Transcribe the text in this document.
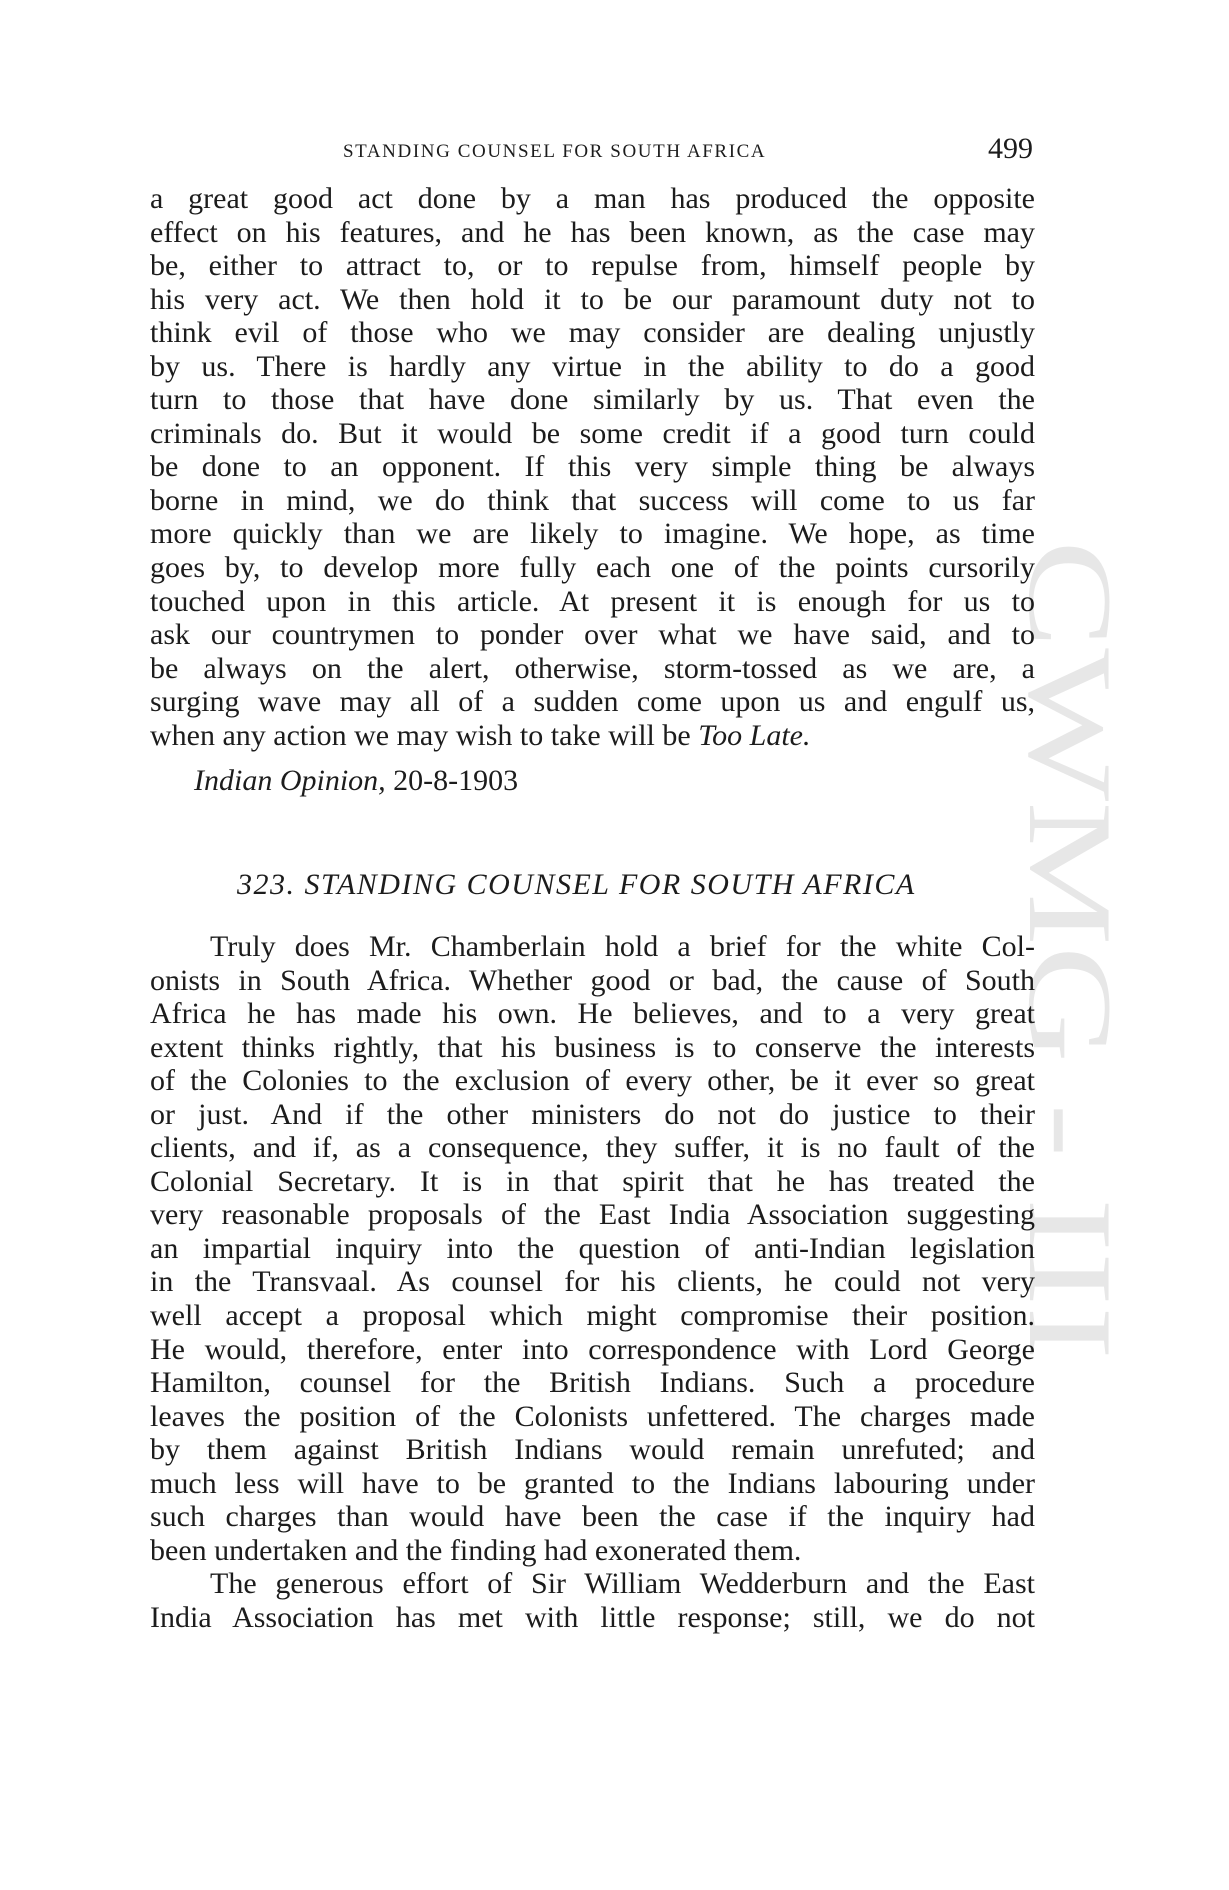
CWMG - III
STANDING COUNSEL FOR SOUTH AFRICA	499
a great good act done by a man has produced the opposite
effect on his features, and he has been known, as the case may
be, either to attract to, or to repulse from, himself people by
his very act. We then hold it to be our paramount duty not to
think evil of those who we may consider are dealing unjustly
by us. There is hardly any virtue in the ability to do a good
turn to those that have done similarly by us. That even the
criminals do. But it would be some credit if a good turn could
be done to an opponent. If this very simple thing be always
borne in mind, we do think that success will come to us far
more quickly than we are likely to imagine. We hope, as time
goes by, to develop more fully each one of the points cursorily
touched upon in this article. At present it is enough for us to
ask our countrymen to ponder over what we have said, and to
be always on the alert, otherwise, storm-tossed as we are, a
surging wave may all of a sudden come upon us and engulf us,
when any action we may wish to take will be Too Late.
Indian Opinion, 20-8-1903
323. STANDING COUNSEL FOR SOUTH AFRICA
Truly does Mr. Chamberlain hold a brief for the white Col-
onists in South Africa. Whether good or bad, the cause of South
Africa he has made his own. He believes, and to a very great
extent thinks rightly, that his business is to conserve the interests
of the Colonies to the exclusion of every other, be it ever so great
or just. And if the other ministers do not do justice to their
clients, and if, as a consequence, they suffer, it is no fault of the
Colonial Secretary. It is in that spirit that he has treated the
very reasonable proposals of the East India Association suggesting
an impartial inquiry into the question of anti-Indian legislation
in the Transvaal. As counsel for his clients, he could not very
well accept a proposal which might compromise their position.
He would, therefore, enter into correspondence with Lord George
Hamilton, counsel for the British Indians. Such a procedure
leaves the position of the Colonists unfettered. The charges made
by them against British Indians would remain unrefuted; and
much less will have to be granted to the Indians labouring under
such charges than would have been the case if the inquiry had
been undertaken and the finding had exonerated them.
The generous effort of Sir William Wedderburn and the East
India Association has met with little response; still, we do not
